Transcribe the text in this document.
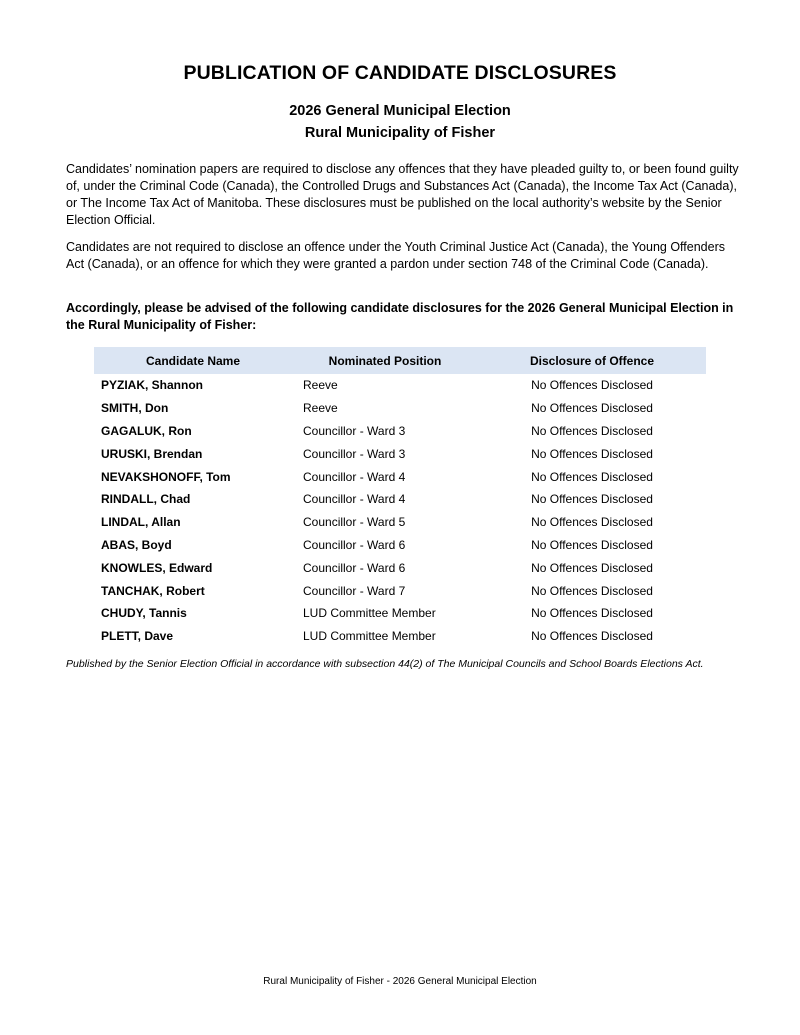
PUBLICATION OF CANDIDATE DISCLOSURES
2026 General Municipal Election
Rural Municipality of Fisher

Candidates’ nomination papers are required to disclose any offences that they have pleaded guilty to, or been found guilty of, under the Criminal Code (Canada), the Controlled Drugs and Substances Act (Canada), the Income Tax Act (Canada), or The Income Tax Act of Manitoba. These disclosures must be published on the local authority’s website by the Senior Election Official.

Candidates are not required to disclose an offence under the Youth Criminal Justice Act (Canada), the Young Offenders Act (Canada), or an offence for which they were granted a pardon under section 748 of the Criminal Code (Canada).

Accordingly, please be advised of the following candidate disclosures for the 2026 General Municipal Election in the Rural Municipality of Fisher:

Candidate Name	Nominated Position	Disclosure of Offence
PYZIAK, Shannon	Reeve	No Offences Disclosed
SMITH, Don	Reeve	No Offences Disclosed
GAGALUK, Ron	Councillor - Ward 3	No Offences Disclosed
URUSKI, Brendan	Councillor - Ward 3	No Offences Disclosed
NEVAKSHONOFF, Tom	Councillor - Ward 4	No Offences Disclosed
RINDALL, Chad	Councillor - Ward 4	No Offences Disclosed
LINDAL, Allan	Councillor - Ward 5	No Offences Disclosed
ABAS, Boyd	Councillor - Ward 6	No Offences Disclosed
KNOWLES, Edward	Councillor - Ward 6	No Offences Disclosed
TANCHAK, Robert	Councillor - Ward 7	No Offences Disclosed
CHUDY, Tannis	LUD Committee Member	No Offences Disclosed
PLETT, Dave	LUD Committee Member	No Offences Disclosed

Published by the Senior Election Official in accordance with subsection 44(2) of The Municipal Councils and School Boards Elections Act.

Rural Municipality of Fisher - 2026 General Municipal Election
